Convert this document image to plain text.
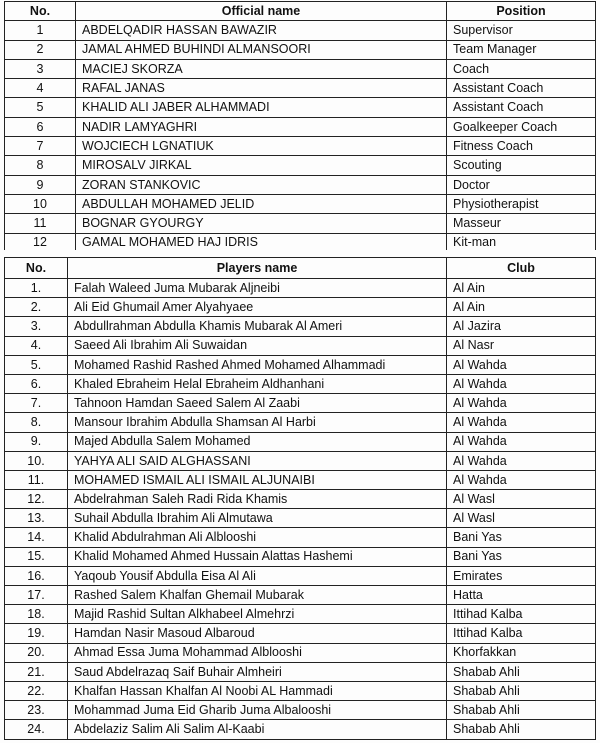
No.	Official name	Position
1	ABDELQADIR HASSAN BAWAZIR	Supervisor
2	JAMAL AHMED BUHINDI ALMANSOORI	Team Manager
3	MACIEJ SKORZA	Coach
4	RAFAL JANAS	Assistant Coach
5	KHALID ALI JABER ALHAMMADI	Assistant Coach
6	NADIR LAMYAGHRI	Goalkeeper Coach
7	WOJCIECH LGNATIUK	Fitness Coach
8	MIROSALV JIRKAL	Scouting
9	ZORAN STANKOVIC	Doctor
10	ABDULLAH MOHAMED JELID	Physiotherapist
11	BOGNAR GYOURGY	Masseur
12	GAMAL MOHAMED HAJ IDRIS	Kit-man
No.	Players name	Club
1.	Falah Waleed Juma Mubarak Aljneibi	Al Ain
2.	Ali Eid Ghumail Amer Alyahyaee	Al Ain
3.	Abdullrahman Abdulla Khamis Mubarak Al Ameri	Al Jazira
4.	Saeed Ali Ibrahim Ali Suwaidan	Al Nasr
5.	Mohamed Rashid Rashed Ahmed Mohamed Alhammadi	Al Wahda
6.	Khaled Ebraheim Helal Ebraheim Aldhanhani	Al Wahda
7.	Tahnoon Hamdan Saeed Salem Al Zaabi	Al Wahda
8.	Mansour Ibrahim Abdulla Shamsan Al Harbi	Al Wahda
9.	Majed Abdulla Salem Mohamed	Al Wahda
10.	YAHYA ALI SAID ALGHASSANI	Al Wahda
11.	MOHAMED ISMAIL ALI ISMAIL ALJUNAIBI	Al Wahda
12.	Abdelrahman Saleh Radi Rida Khamis	Al Wasl
13.	Suhail Abdulla Ibrahim Ali Almutawa	Al Wasl
14.	Khalid Abdulrahman Ali Alblooshi	Bani Yas
15.	Khalid Mohamed Ahmed Hussain Alattas Hashemi	Bani Yas
16.	Yaqoub Yousif Abdulla Eisa Al Ali	Emirates
17.	Rashed Salem Khalfan Ghemail Mubarak	Hatta
18.	Majid Rashid Sultan Alkhabeel Almehrzi	Ittihad Kalba
19.	Hamdan Nasir Masoud Albaroud	Ittihad Kalba
20.	Ahmad Essa Juma Mohammad Alblooshi	Khorfakkan
21.	Saud Abdelrazaq Saif Buhair Almheiri	Shabab Ahli
22.	Khalfan Hassan Khalfan Al Noobi AL Hammadi	Shabab Ahli
23.	Mohammad Juma Eid Gharib Juma Albalooshi	Shabab Ahli
24.	Abdelaziz Salim Ali Salim Al-Kaabi	Shabab Ahli
